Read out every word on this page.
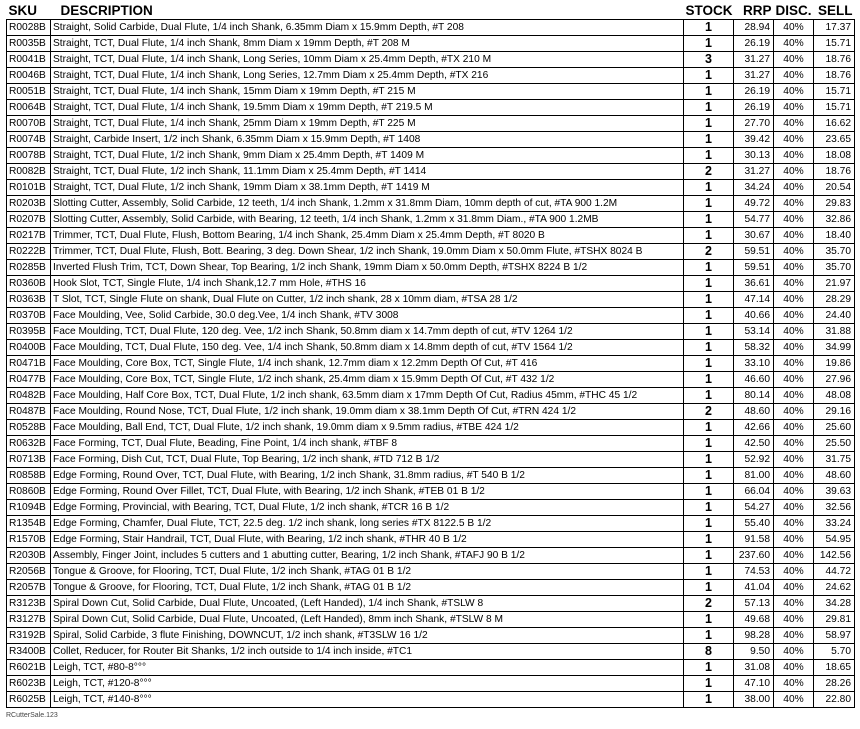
SKU	DESCRIPTION	STOCK	RRP	DISC.	SELL
R0028B	Straight, Solid Carbide, Dual Flute, 1/4 inch Shank, 6.35mm Diam x 15.9mm Depth, #T 208	1	28.94	40%	17.37
R0035B	Straight, TCT, Dual Flute, 1/4 inch Shank, 8mm Diam x 19mm Depth, #T 208 M	1	26.19	40%	15.71
R0041B	Straight, TCT, Dual Flute, 1/4 inch Shank, Long Series, 10mm Diam x 25.4mm Depth, #TX 210 M	3	31.27	40%	18.76
R0046B	Straight, TCT, Dual Flute, 1/4 inch Shank, Long Series, 12.7mm Diam x 25.4mm Depth, #TX 216	1	31.27	40%	18.76
R0051B	Straight, TCT, Dual Flute, 1/4 inch Shank, 15mm Diam x 19mm Depth, #T 215 M	1	26.19	40%	15.71
R0064B	Straight, TCT, Dual Flute, 1/4 inch Shank, 19.5mm Diam x 19mm Depth, #T 219.5 M	1	26.19	40%	15.71
R0070B	Straight, TCT, Dual Flute, 1/4 inch Shank, 25mm Diam x 19mm Depth, #T 225 M	1	27.70	40%	16.62
R0074B	Straight, Carbide Insert, 1/2 inch Shank, 6.35mm Diam x 15.9mm Depth, #T 1408	1	39.42	40%	23.65
R0078B	Straight, TCT, Dual Flute, 1/2 inch Shank, 9mm Diam x 25.4mm Depth, #T 1409 M	1	30.13	40%	18.08
R0082B	Straight, TCT, Dual Flute, 1/2 inch Shank, 11.1mm Diam x 25.4mm Depth, #T 1414	2	31.27	40%	18.76
R0101B	Straight, TCT, Dual Flute, 1/2 inch Shank, 19mm Diam x 38.1mm Depth, #T 1419 M	1	34.24	40%	20.54
R0203B	Slotting Cutter, Assembly, Solid Carbide, 12 teeth, 1/4 inch Shank, 1.2mm x 31.8mm Diam, 10mm depth of cut, #TA 900 1.2M	1	49.72	40%	29.83
R0207B	Slotting Cutter, Assembly, Solid Carbide, with Bearing, 12 teeth, 1/4 inch Shank, 1.2mm x 31.8mm Diam., #TA 900 1.2MB	1	54.77	40%	32.86
R0217B	Trimmer, TCT, Dual Flute, Flush, Bottom Bearing, 1/4 inch Shank, 25.4mm Diam x 25.4mm Depth, #T 8020 B	1	30.67	40%	18.40
R0222B	Trimmer, TCT, Dual Flute, Flush, Bott. Bearing, 3 deg. Down Shear, 1/2 inch Shank, 19.0mm Diam x 50.0mm Flute, #TSHX 8024 B	2	59.51	40%	35.70
R0285B	Inverted Flush Trim, TCT, Down Shear, Top Bearing, 1/2 inch Shank, 19mm Diam x 50.0mm Depth, #TSHX 8224 B 1/2	1	59.51	40%	35.70
R0360B	Hook Slot, TCT, Single Flute, 1/4 inch Shank,12.7 mm Hole, #THS 16	1	36.61	40%	21.97
R0363B	T Slot, TCT, Single Flute on shank, Dual Flute on Cutter, 1/2 inch shank, 28 x 10mm diam, #TSA 28 1/2	1	47.14	40%	28.29
R0370B	Face Moulding, Vee, Solid Carbide, 30.0 deg.Vee, 1/4 inch Shank, #TV 3008	1	40.66	40%	24.40
R0395B	Face Moulding, TCT, Dual Flute, 120 deg. Vee, 1/2 inch Shank, 50.8mm diam x 14.7mm depth of cut, #TV 1264 1/2	1	53.14	40%	31.88
R0400B	Face Moulding, TCT, Dual Flute, 150 deg. Vee, 1/4 inch Shank, 50.8mm diam x 14.8mm depth of cut, #TV 1564 1/2	1	58.32	40%	34.99
R0471B	Face Moulding, Core Box, TCT, Single Flute, 1/4 inch shank, 12.7mm diam x 12.2mm Depth Of Cut, #T 416	1	33.10	40%	19.86
R0477B	Face Moulding, Core Box, TCT, Single Flute, 1/2 inch shank, 25.4mm diam x 15.9mm Depth Of Cut, #T 432 1/2	1	46.60	40%	27.96
R0482B	Face Moulding, Half Core Box, TCT, Dual Flute, 1/2 inch shank, 63.5mm diam x 17mm Depth Of Cut, Radius 45mm, #THC 45 1/2	1	80.14	40%	48.08
R0487B	Face Moulding, Round Nose, TCT, Dual Flute, 1/2 inch shank, 19.0mm diam x 38.1mm Depth Of Cut, #TRN 424 1/2	2	48.60	40%	29.16
R0528B	Face Moulding, Ball End, TCT, Dual Flute, 1/2 inch shank, 19.0mm diam x 9.5mm radius, #TBE 424 1/2	1	42.66	40%	25.60
R0632B	Face Forming, TCT, Dual Flute, Beading, Fine Point, 1/4 inch shank, #TBF 8	1	42.50	40%	25.50
R0713B	Face Forming, Dish Cut, TCT, Dual Flute, Top Bearing, 1/2 inch shank, #TD 712 B 1/2	1	52.92	40%	31.75
R0858B	Edge Forming, Round Over, TCT, Dual Flute, with Bearing, 1/2 inch Shank, 31.8mm radius, #T 540 B 1/2	1	81.00	40%	48.60
R0860B	Edge Forming, Round Over Fillet, TCT, Dual Flute, with Bearing, 1/2 inch Shank, #TEB 01 B 1/2	1	66.04	40%	39.63
R1094B	Edge Forming, Provincial, with Bearing, TCT, Dual Flute, 1/2 inch shank, #TCR 16 B 1/2	1	54.27	40%	32.56
R1354B	Edge Forming, Chamfer, Dual Flute, TCT, 22.5 deg. 1/2 inch shank, long series #TX 8122.5 B 1/2	1	55.40	40%	33.24
R1570B	Edge Forming, Stair Handrail, TCT, Dual Flute, with Bearing, 1/2 inch shank, #THR 40 B 1/2	1	91.58	40%	54.95
R2030B	Assembly, Finger Joint, includes 5 cutters and 1 abutting cutter, Bearing, 1/2 inch Shank, #TAFJ 90 B 1/2	1	237.60	40%	142.56
R2056B	Tongue & Groove, for Flooring, TCT, Dual Flute, 1/2 inch Shank, #TAG 01 B 1/2	1	74.53	40%	44.72
R2057B	Tongue & Groove, for Flooring, TCT, Dual Flute, 1/2 inch Shank, #TAG 01 B 1/2	1	41.04	40%	24.62
R3123B	Spiral Down Cut, Solid Carbide, Dual Flute, Uncoated, (Left Handed), 1/4 inch Shank, #TSLW 8	2	57.13	40%	34.28
R3127B	Spiral Down Cut, Solid Carbide, Dual Flute, Uncoated, (Left Handed), 8mm inch Shank, #TSLW 8 M	1	49.68	40%	29.81
R3192B	Spiral, Solid Carbide, 3 flute Finishing, DOWNCUT, 1/2 inch shank, #T3SLW 16 1/2	1	98.28	40%	58.97
R3400B	Collet, Reducer, for Router Bit Shanks, 1/2 inch outside to 1/4 inch inside, #TC1	8	9.50	40%	5.70
R6021B	Leigh, TCT, #80-8°°°	1	31.08	40%	18.65
R6023B	Leigh, TCT, #120-8°°°	1	47.10	40%	28.26
R6025B	Leigh, TCT, #140-8°°°	1	38.00	40%	22.80
RCutterSale.123
